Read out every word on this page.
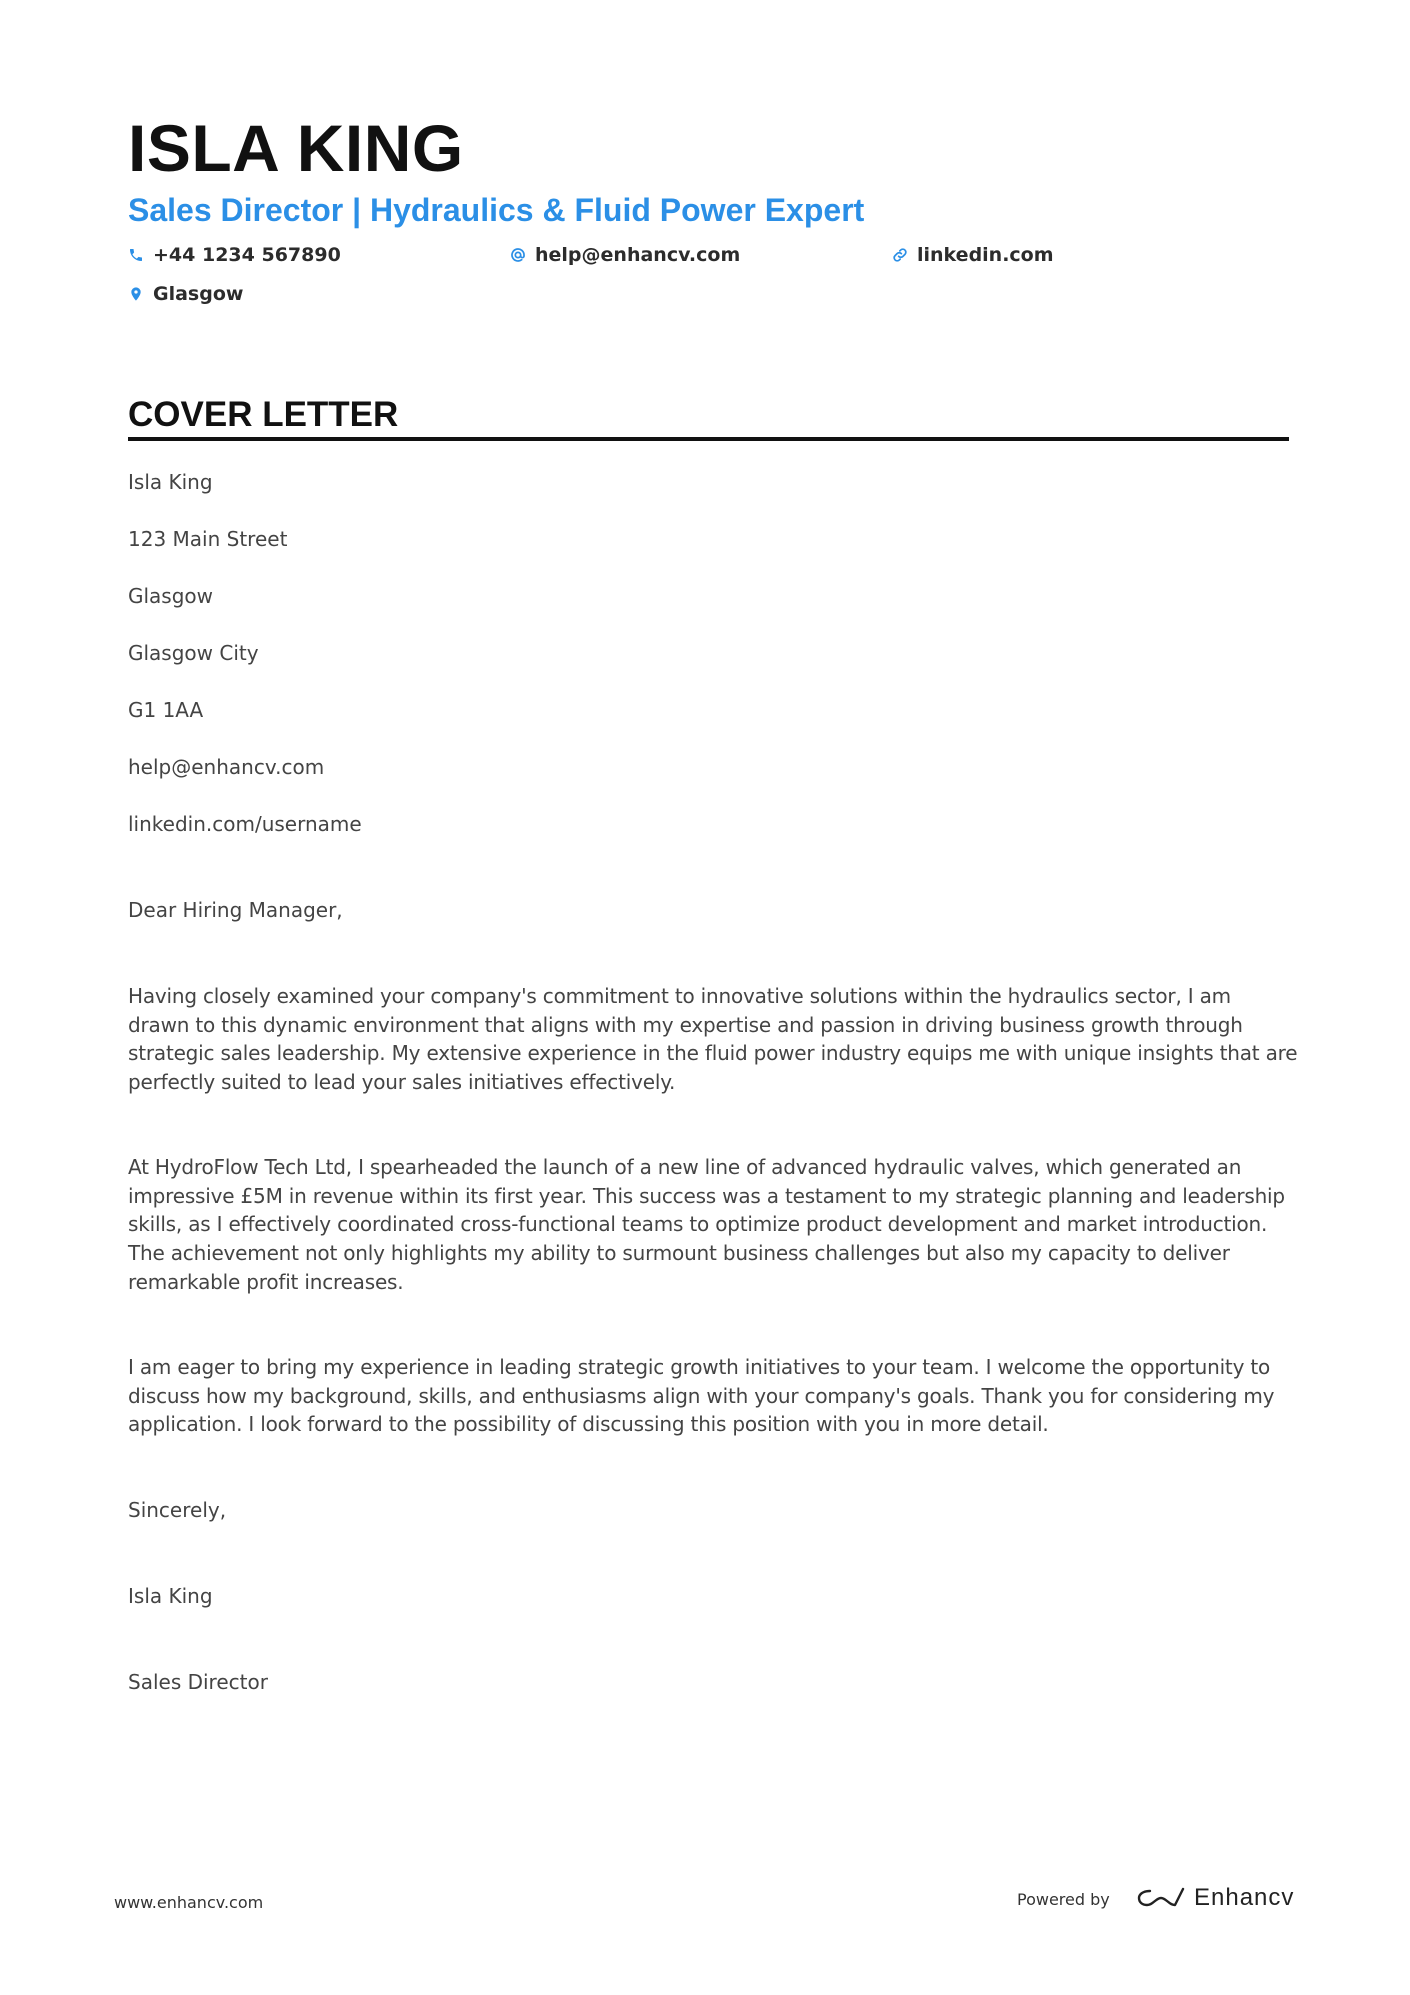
ISLA KING
Sales Director | Hydraulics & Fluid Power Expert
+44 1234 567890	help@enhancv.com	linkedin.com
Glasgow
COVER LETTER

Isla King

123 Main Street

Glasgow

Glasgow City

G1 1AA

help@enhancv.com

linkedin.com/username

Dear Hiring Manager,

Having closely examined your company's commitment to innovative solutions within the hydraulics sector, I am drawn to this dynamic environment that aligns with my expertise and passion in driving business growth through strategic sales leadership. My extensive experience in the fluid power industry equips me with unique insights that are perfectly suited to lead your sales initiatives effectively.

At HydroFlow Tech Ltd, I spearheaded the launch of a new line of advanced hydraulic valves, which generated an impressive £5M in revenue within its first year. This success was a testament to my strategic planning and leadership skills, as I effectively coordinated cross-functional teams to optimize product development and market introduction. The achievement not only highlights my ability to surmount business challenges but also my capacity to deliver remarkable profit increases.

I am eager to bring my experience in leading strategic growth initiatives to your team. I welcome the opportunity to discuss how my background, skills, and enthusiasms align with your company's goals. Thank you for considering my application. I look forward to the possibility of discussing this position with you in more detail.

Sincerely,

Isla King

Sales Director

www.enhancv.com	Powered by	Enhancv
